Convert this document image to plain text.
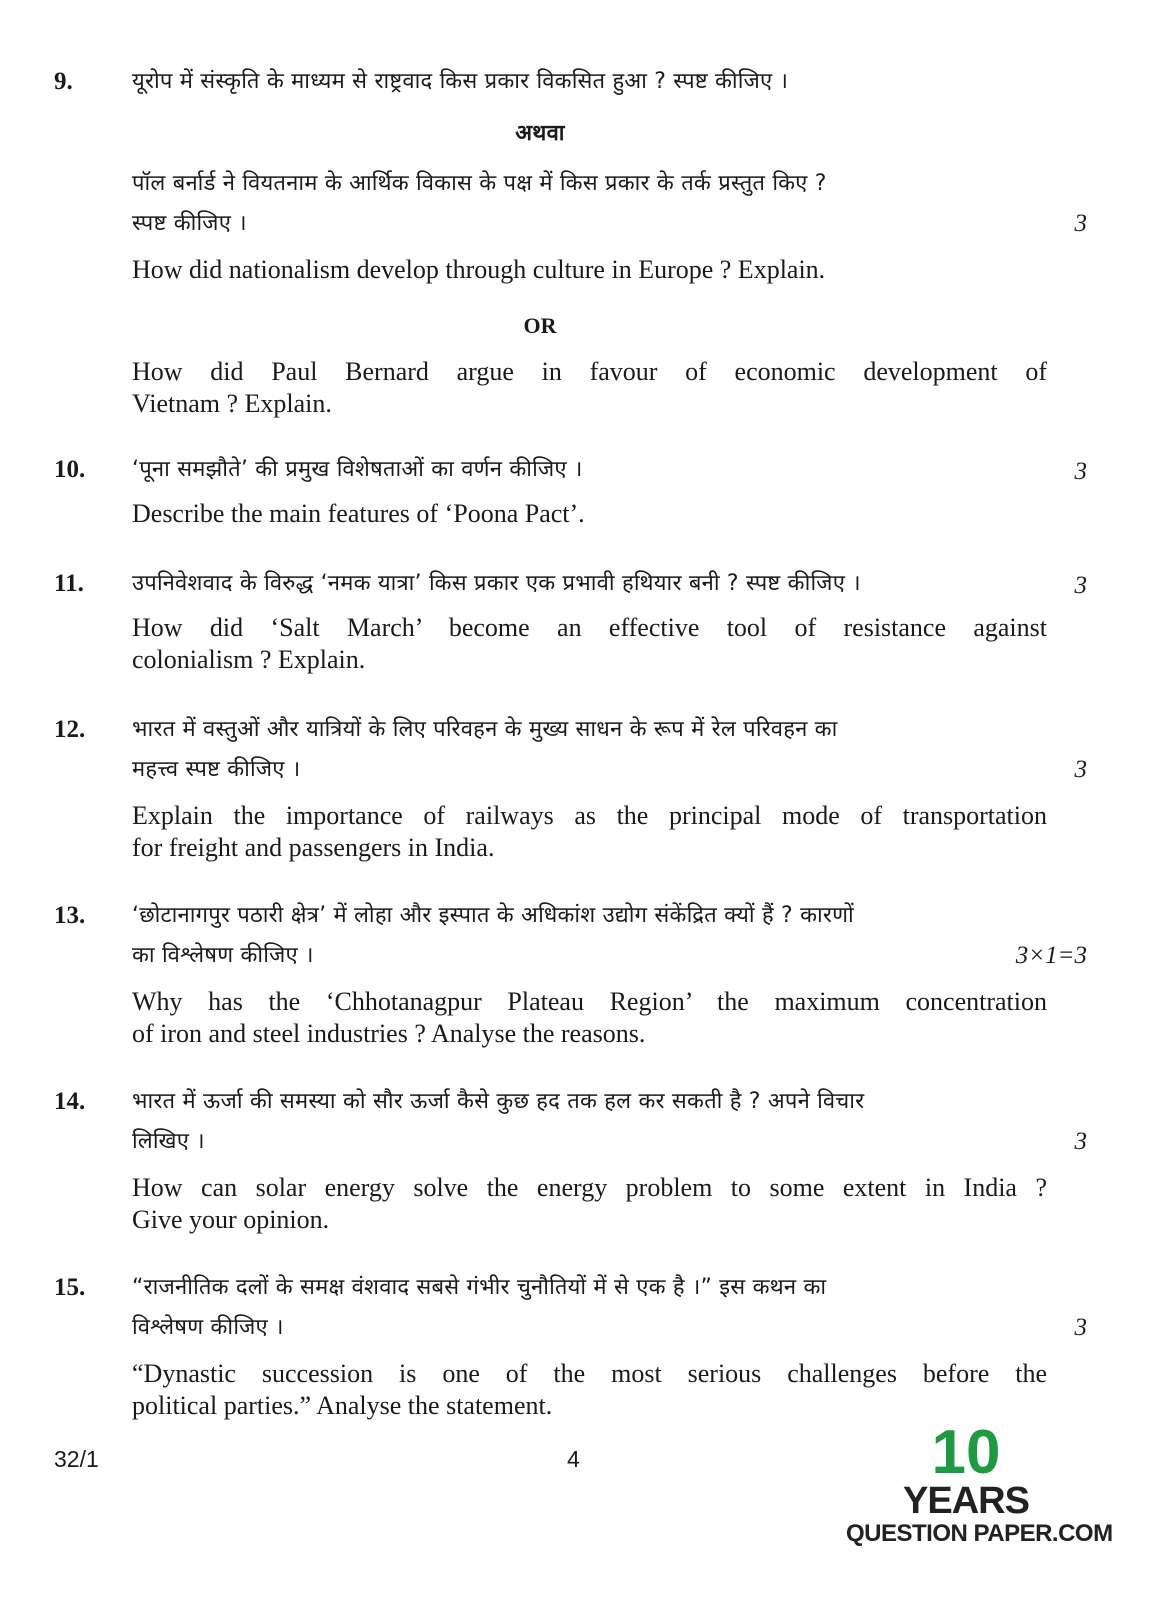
9.	यूरोप में संस्कृति के माध्यम से राष्ट्रवाद किस प्रकार विकसित हुआ ? स्पष्ट कीजिए ।
अथवा
पॉल बर्नार्ड ने वियतनाम के आर्थिक विकास के पक्ष में किस प्रकार के तर्क प्रस्तुत किए ?
स्पष्ट कीजिए ।	3
How did nationalism develop through culture in Europe ? Explain.
OR
How did Paul Bernard argue in favour of economic development of
Vietnam ? Explain.
10. ‘पूना समझौते’ की प्रमुख विशेषताओं का वर्णन कीजिए ।	3
Describe the main features of ‘Poona Pact’.
11. उपनिवेशवाद के विरुद्ध ‘नमक यात्रा’ किस प्रकार एक प्रभावी हथियार बनी ? स्पष्ट कीजिए ।	3
How did ‘Salt March’ become an effective tool of resistance against
colonialism ? Explain.
12. भारत में वस्तुओं और यात्रियों के लिए परिवहन के मुख्य साधन के रूप में रेल परिवहन का
महत्त्व स्पष्ट कीजिए ।	3
Explain the importance of railways as the principal mode of transportation
for freight and passengers in India.
13. ‘छोटानागपुर पठारी क्षेत्र’ में लोहा और इस्पात के अधिकांश उद्योग संकेंद्रित क्यों हैं ? कारणों
का विश्लेषण कीजिए ।	3×1=3
Why has the ‘Chhotanagpur Plateau Region’ the maximum concentration
of iron and steel industries ? Analyse the reasons.
14. भारत में ऊर्जा की समस्या को सौर ऊर्जा कैसे कुछ हद तक हल कर सकती है ? अपने विचार
लिखिए ।	3
How can solar energy solve the energy problem to some extent in India ?
Give your opinion.
15. “राजनीतिक दलों के समक्ष वंशवाद सबसे गंभीर चुनौतियों में से एक है ।” इस कथन का
विश्लेषण कीजिए ।	3
“Dynastic succession is one of the most serious challenges before the
political parties.” Analyse the statement.
32/1	4	10
YEARS
QUESTION PAPER.COM
